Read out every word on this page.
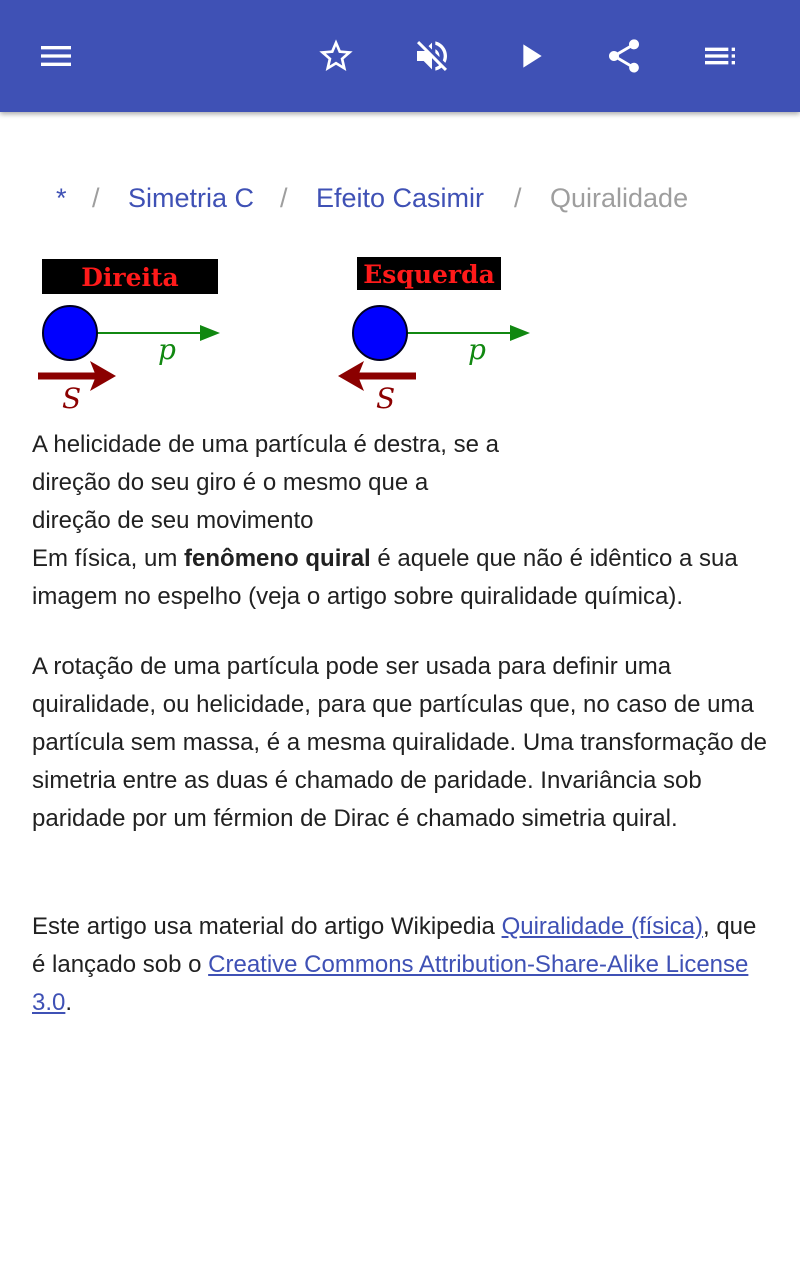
* / Simetria C / Efeito Casimir / Quiralidade
Direita
p
S
Esquerda
p
S

A helicidade de uma partícula é destra, se a
direção do seu giro é o mesmo que a
direção de seu movimento

Em física, um fenômeno quiral é aquele que não é idêntico a sua imagem no espelho (veja o artigo sobre quiralidade química).

A rotação de uma partícula pode ser usada para definir uma quiralidade, ou helicidade, para que partículas que, no caso de uma partícula sem massa, é a mesma quiralidade. Uma transformação de simetria entre as duas é chamado de paridade. Invariância sob paridade por um férmion de Dirac é chamado simetria quiral.

Este artigo usa material do artigo Wikipedia Quiralidade (física), que é lançado sob o Creative Commons Attribution-Share-Alike License 3.0.
